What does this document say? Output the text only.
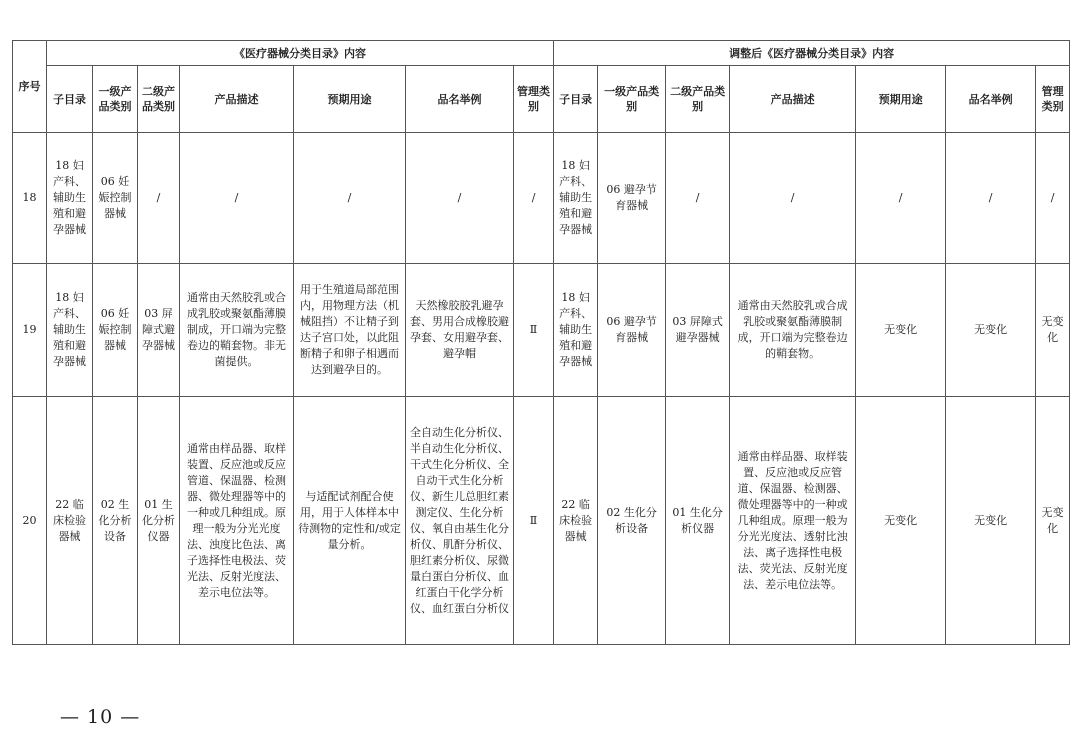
序号	《医疗器械分类目录》内容							调整后《医疗器械分类目录》内容						
	子目录	一级产品类别	二级产品类别	产品描述	预期用途	品名举例	管理类别	子目录	一级产品类别	二级产品类别	产品描述	预期用途	品名举例	管理类别
18	18 妇产科、辅助生殖和避孕器械	06 妊娠控制器械	/	/	/	/	/	18 妇产科、辅助生殖和避孕器械	06 避孕节育器械	/	/	/	/	/
19	18 妇产科、辅助生殖和避孕器械	06 妊娠控制器械	03 屏障式避孕器械	通常由天然胶乳或合成乳胶或聚氨酯薄膜制成，开口端为完整卷边的鞘套物。非无菌提供。	用于生殖道局部范围内，用物理方法（机械阻挡）不让精子到达子宫口处，以此阻断精子和卵子相遇而达到避孕目的。	天然橡胶胶乳避孕套、男用合成橡胶避孕套、女用避孕套、避孕帽	Ⅱ	18 妇产科、辅助生殖和避孕器械	06 避孕节育器械	03 屏障式避孕器械	通常由天然胶乳或合成乳胶或聚氨酯薄膜制成，开口端为完整卷边的鞘套物。	无变化	无变化	无变化
20	22 临床检验器械	02 生化分析设备	01 生化分析仪器	通常由样品器、取样装置、反应池或反应管道、保温器、检测器、微处理器等中的一种或几种组成。原理一般为分光光度法、浊度比色法、离子选择性电极法、荧光法、反射光度法、差示电位法等。	与适配试剂配合使用，用于人体样本中待测物的定性和/或定量分析。	全自动生化分析仪、半自动生化分析仪、干式生化分析仪、全自动干式生化分析仪、新生儿总胆红素测定仪、生化分析仪、氧自由基生化分析仪、肌酐分析仪、胆红素分析仪、尿微量白蛋白分析仪、血红蛋白干化学分析仪、血红蛋白分析仪	Ⅱ	22 临床检验器械	02 生化分析设备	01 生化分析仪器	通常由样品器、取样装置、反应池或反应管道、保温器、检测器、微处理器等中的一种或几种组成。原理一般为分光光度法、透射比浊法、离子选择性电极法、荧光法、反射光度法、差示电位法等。	无变化	无变化	无变化
— 10 —
